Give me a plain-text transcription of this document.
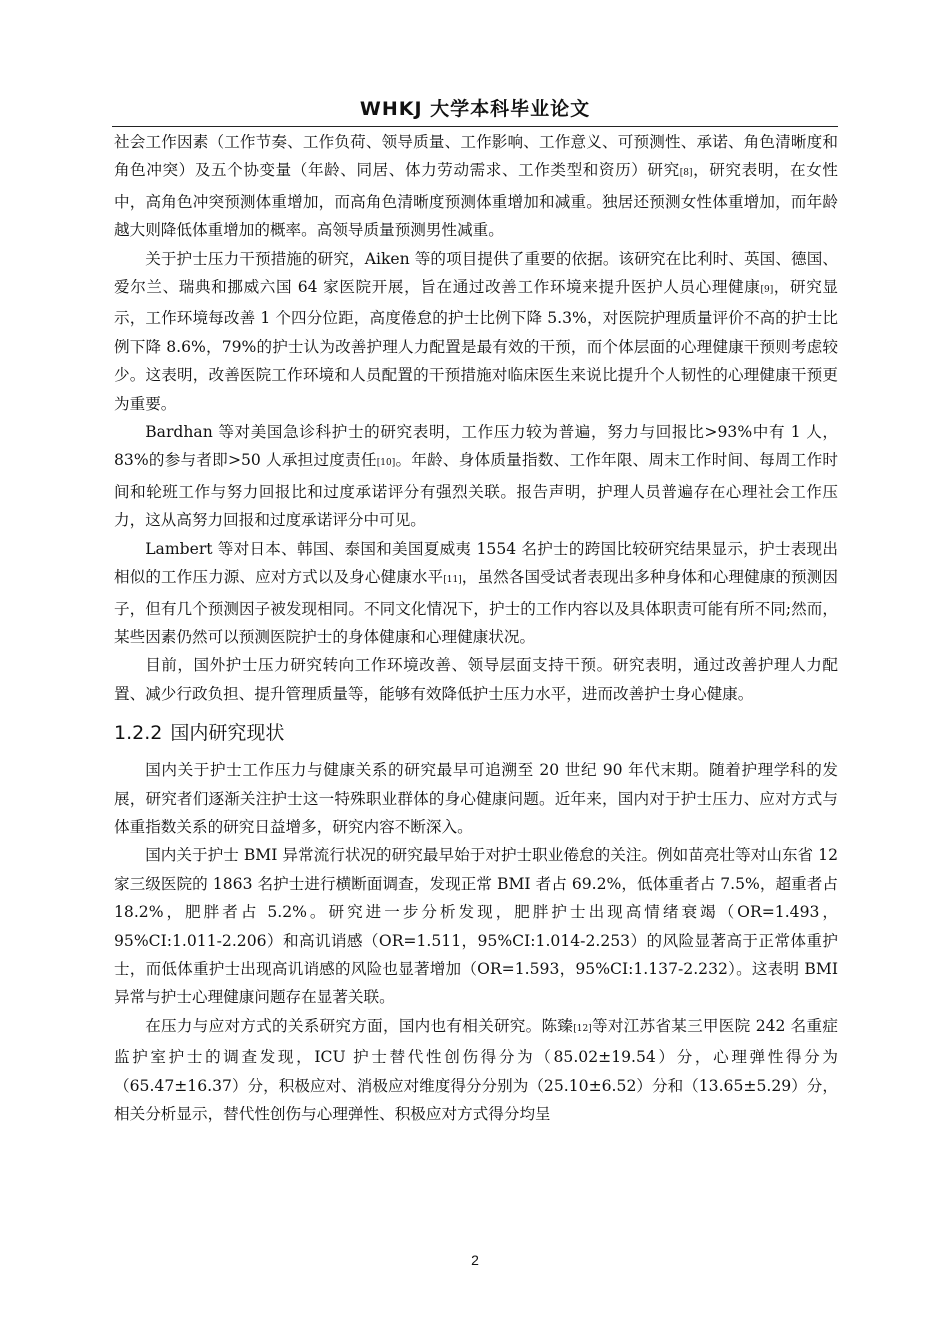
WHKJ 大学本科毕业论文

社会工作因素（工作节奏、工作负荷、领导质量、工作影响、工作意义、可预测性、承诺、角色清晰度和角色冲突）及五个协变量（年龄、同居、体力劳动需求、工作类型和资历）研究[8]，研究表明，在女性中，高角色冲突预测体重增加，而高角色清晰度预测体重增加和减重。独居还预测女性体重增加，而年龄越大则降低体重增加的概率。高领导质量预测男性减重。

关于护士压力干预措施的研究，Aiken 等的项目提供了重要的依据。该研究在比利时、英国、德国、爱尔兰、瑞典和挪威六国 64 家医院开展，旨在通过改善工作环境来提升医护人员心理健康[9]，研究显示，工作环境每改善 1 个四分位距，高度倦怠的护士比例下降 5.3%，对医院护理质量评价不高的护士比例下降 8.6%，79%的护士认为改善护理人力配置是最有效的干预，而个体层面的心理健康干预则考虑较少。这表明，改善医院工作环境和人员配置的干预措施对临床医生来说比提升个人韧性的心理健康干预更为重要。

Bardhan 等对美国急诊科护士的研究表明，工作压力较为普遍，努力与回报比>93%中有 1 人，83%的参与者即>50 人承担过度责任[10]。年龄、身体质量指数、工作年限、周末工作时间、每周工作时间和轮班工作与努力回报比和过度承诺评分有强烈关联。报告声明，护理人员普遍存在心理社会工作压力，这从高努力回报和过度承诺评分中可见。

Lambert 等对日本、韩国、泰国和美国夏威夷 1554 名护士的跨国比较研究结果显示，护士表现出相似的工作压力源、应对方式以及身心健康水平[11]，虽然各国受试者表现出多种身体和心理健康的预测因子，但有几个预测因子被发现相同。不同文化情况下，护士的工作内容以及具体职责可能有所不同;然而，某些因素仍然可以预测医院护士的身体健康和心理健康状况。

目前，国外护士压力研究转向工作环境改善、领导层面支持干预。研究表明，通过改善护理人力配置、减少行政负担、提升管理质量等，能够有效降低护士压力水平，进而改善护士身心健康。

1.2.2 国内研究现状

国内关于护士工作压力与健康关系的研究最早可追溯至 20 世纪 90 年代末期。随着护理学科的发展，研究者们逐渐关注护士这一特殊职业群体的身心健康问题。近年来，国内对于护士压力、应对方式与体重指数关系的研究日益增多，研究内容不断深入。

国内关于护士 BMI 异常流行状况的研究最早始于对护士职业倦怠的关注。例如苗亮壮等对山东省 12 家三级医院的 1863 名护士进行横断面调查，发现正常 BMI 者占 69.2%，低体重者占 7.5%，超重者占 18.2%，肥胖者占 5.2%。研究进一步分析发现，肥胖护士出现高情绪衰竭（OR=1.493，95%CI:1.011-2.206）和高讥诮感（OR=1.511，95%CI:1.014-2.253）的风险显著高于正常体重护士，而低体重护士出现高讥诮感的风险也显著增加（OR=1.593，95%CI:1.137-2.232）。这表明 BMI 异常与护士心理健康问题存在显著关联。

在压力与应对方式的关系研究方面，国内也有相关研究。陈臻[12]等对江苏省某三甲医院 242 名重症监护室护士的调查发现，ICU 护士替代性创伤得分为（85.02±19.54）分，心理弹性得分为（65.47±16.37）分，积极应对、消极应对维度得分分别为（25.10±6.52）分和（13.65±5.29）分，相关分析显示，替代性创伤与心理弹性、积极应对方式得分均呈

2
